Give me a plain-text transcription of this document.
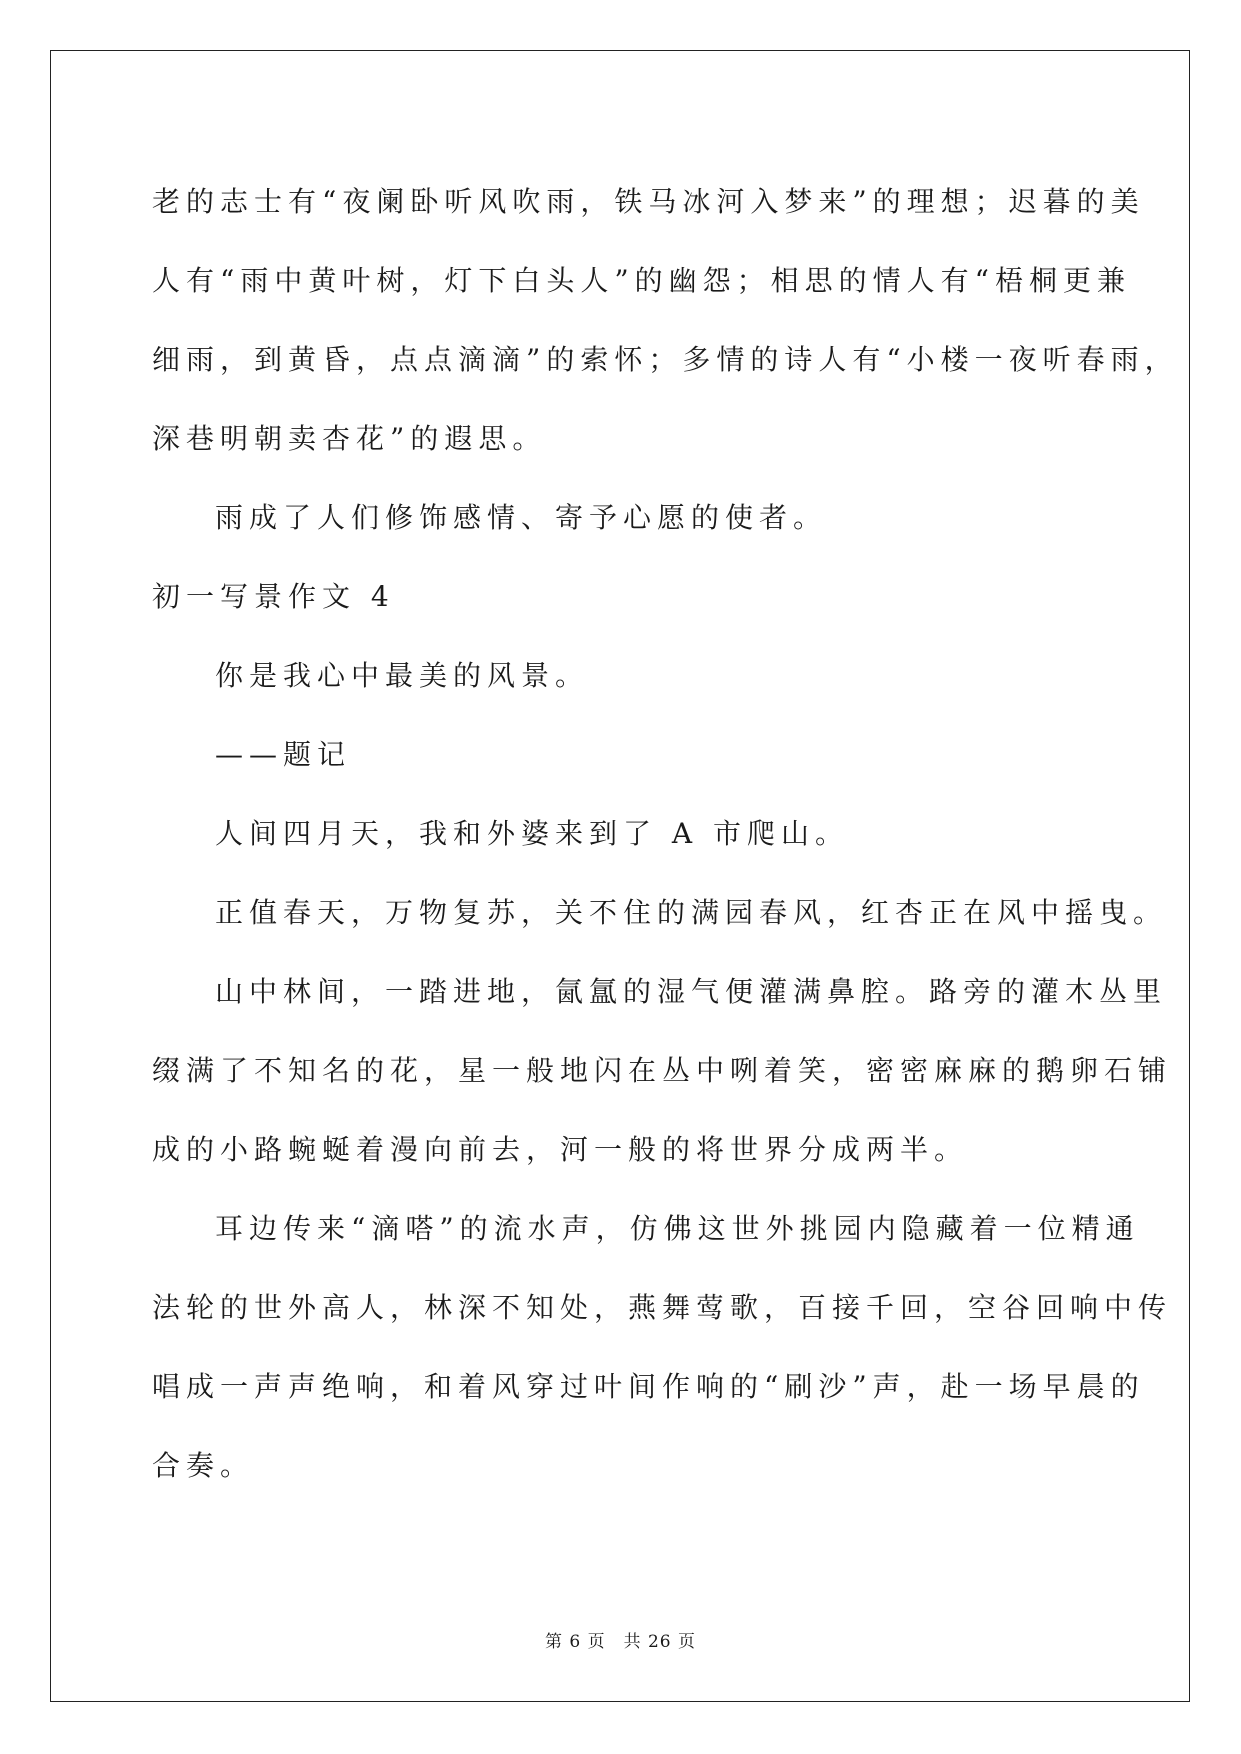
老的志士有“夜阑卧听风吹雨，铁马冰河入梦来”的理想；迟暮的美
人有“雨中黄叶树，灯下白头人”的幽怨；相思的情人有“梧桐更兼
细雨，到黄昏，点点滴滴”的索怀；多情的诗人有“小楼一夜听春雨，
深巷明朝卖杏花”的遐思。
雨成了人们修饰感情、寄予心愿的使者。
初一写景作文 4
你是我心中最美的风景。
——题记
人间四月天，我和外婆来到了 A 市爬山。
正值春天，万物复苏，关不住的满园春风，红杏正在风中摇曳。
山中林间，一踏进地，氤氲的湿气便灌满鼻腔。路旁的灌木丛里
缀满了不知名的花，星一般地闪在丛中咧着笑，密密麻麻的鹅卵石铺
成的小路蜿蜒着漫向前去，河一般的将世界分成两半。
耳边传来“滴嗒”的流水声，仿佛这世外挑园内隐藏着一位精通
法轮的世外高人，林深不知处，燕舞莺歌，百接千回，空谷回响中传
唱成一声声绝响，和着风穿过叶间作响的“刷沙”声，赴一场早晨的
合奏。
第 6 页 共 26 页
